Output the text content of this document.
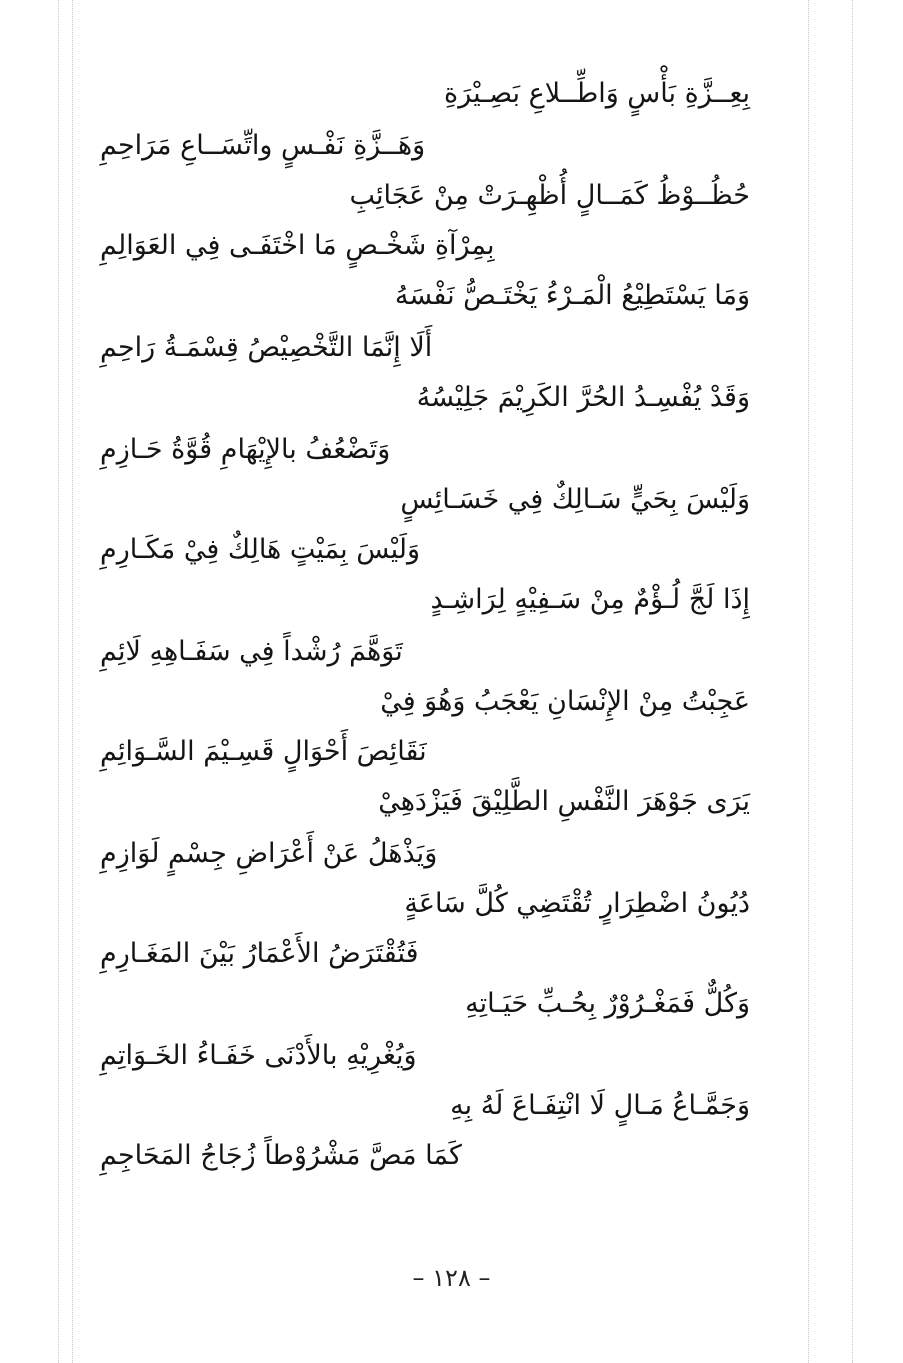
بِعِــزَّةِ بَأْسٍ وَاطِّــلاعِ بَصِـيْرَةِ
وَهَــزَّةِ نَفْـسٍ واتِّسَــاعِ مَرَاحِمِ
حُظُــوْظُ كَمَــالٍ أُظْهِـرَتْ مِنْ عَجَائِبِ
بِمِرْآةِ شَخْـصٍ مَا اخْتَفَـى فِي العَوَالِمِ
وَمَا يَسْتَطِيْعُ الْمَـرْءُ يَخْتَـصُّ نَفْسَهُ
أَلَا إِنَّمَا التَّخْصِيْصُ قِسْمَـةُ رَاحِمِ
وَقَدْ يُفْسِـدُ الحُرَّ الكَرِيْمَ جَلِيْسُهُ
وَتَضْعُفُ بالإِيْهَامِ قُوَّةُ حَـازِمِ
وَلَيْسَ بِحَيٍّ سَـالِكٌ فِي خَسَـائِسٍ
وَلَيْسَ بِمَيْتٍ هَالِكٌ فِيْ مَكَـارِمِ
إِذَا لَجَّ لُـؤْمٌ مِنْ سَـفِيْهٍ لِرَاشِـدٍ
تَوَهَّمَ رُشْداً فِي سَفَـاهِهِ لَائِمِ
عَجِبْتُ مِنْ الإِنْسَانِ يَعْجَبُ وَهُوَ فِيْ
نَقَائِصَ أَحْوَالٍ قَسِـيْمَ السَّـوَائِمِ
يَرَى جَوْهَرَ النَّفْسِ الطَّلِيْقَ فَيَزْدَهِيْ
وَيَذْهَلُ عَنْ أَعْرَاضِ جِسْمٍ لَوَازِمِ
دُيُونُ اضْطِرَارٍ تُقْتَضِي كُلَّ سَاعَةٍ
فَتُقْتَرَضُ الأَعْمَارُ بَيْنَ المَغَـارِمِ
وَكُلٌّ فَمَغْـرُوْرٌ بِحُـبِّ حَيَـاتِهِ
وَيُغْرِيْهِ بالأَدْنَى خَفَـاءُ الخَـوَاتِمِ
وَجَمَّـاعُ مَـالٍ لَا انْتِفَـاعَ لَهُ بِهِ
كَمَا مَصَّ مَشْرُوْطاً زُجَاجُ المَحَاجِمِ
– ١٢٨ –
